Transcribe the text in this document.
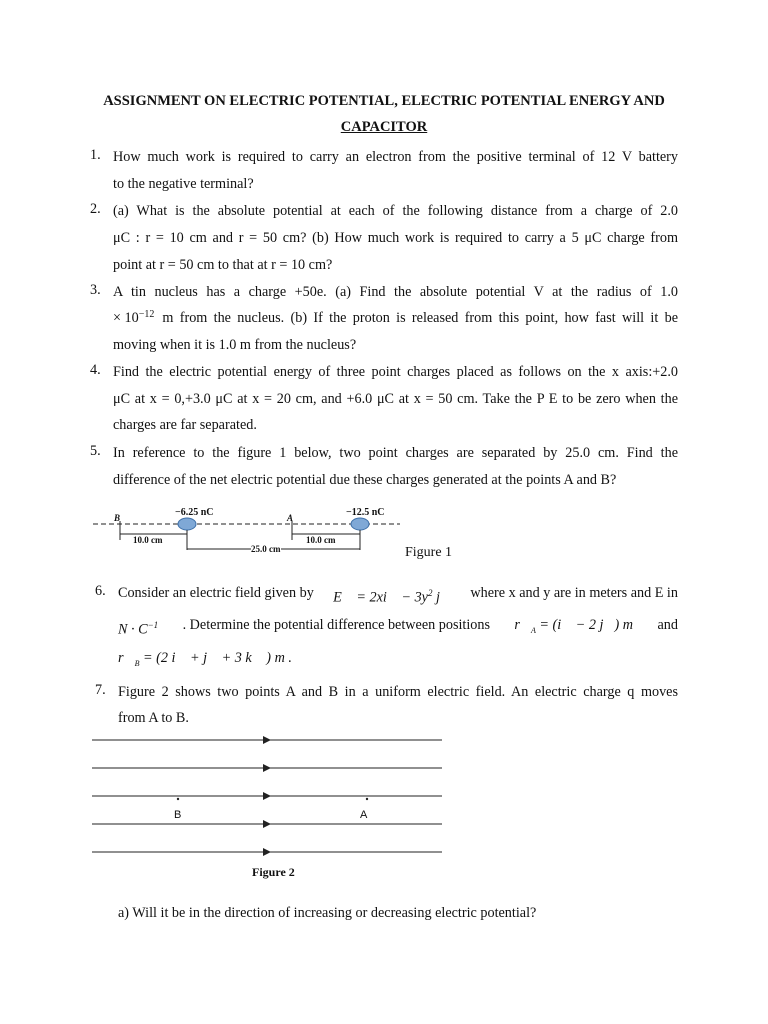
ASSIGNMENT ON ELECTRIC POTENTIAL, ELECTRIC POTENTIAL ENERGY AND
CAPACITOR
1. How much work is required to carry an electron from the positive terminal of 12 V battery
to the negative terminal?
2. (a) What is the absolute potential at each of the following distance from a charge of 2.0
μC : r = 10 cm and r = 50 cm? (b) How much work is required to carry a 5 μC charge from
point at r = 50 cm to that at r = 10 cm?
3. A tin nucleus has a charge +50e. (a) Find the absolute potential V at the radius of 1.0
× $10^{-12}$ m from the nucleus. (b) If the proton is released from this point, how fast will it be
moving when it is 1.0 m from the nucleus?
4. Find the electric potential energy of three point charges placed as follows on the x axis:+2.0
μC at x = 0,+3.0 μC at x = 20 cm, and +6.0 μC at x = 50 cm. Take the P E to be zero when the
charges are far separated.
5. In reference to the figure 1 below, two point charges are separated by 25.0 cm. Find the
difference of the net electric potential due these charges generated at the points A and B?
B	A
−6.25 nC	−12.5 nC
10.0 cm
25.0 cm
10.0 cm
Figure 1
6. Consider an electric field given by E⃗ = 2xi⃗ − $3y^2$ j⃗ where x and y are in meters and E in
$N \cdot C^{-1}$ . Determine the potential difference between positions $r⃗_A$ = (i⃗ − 2 j⃗) m and
$r⃗_B = (2$ i⃗ + j⃗ + 3 k⃗ ) m .
7. Figure 2 shows two points A and B in a uniform electric field. An electric charge q moves
from A to B.
B	A
Figure 2
a) Will it be in the direction of increasing or decreasing electric potential?
